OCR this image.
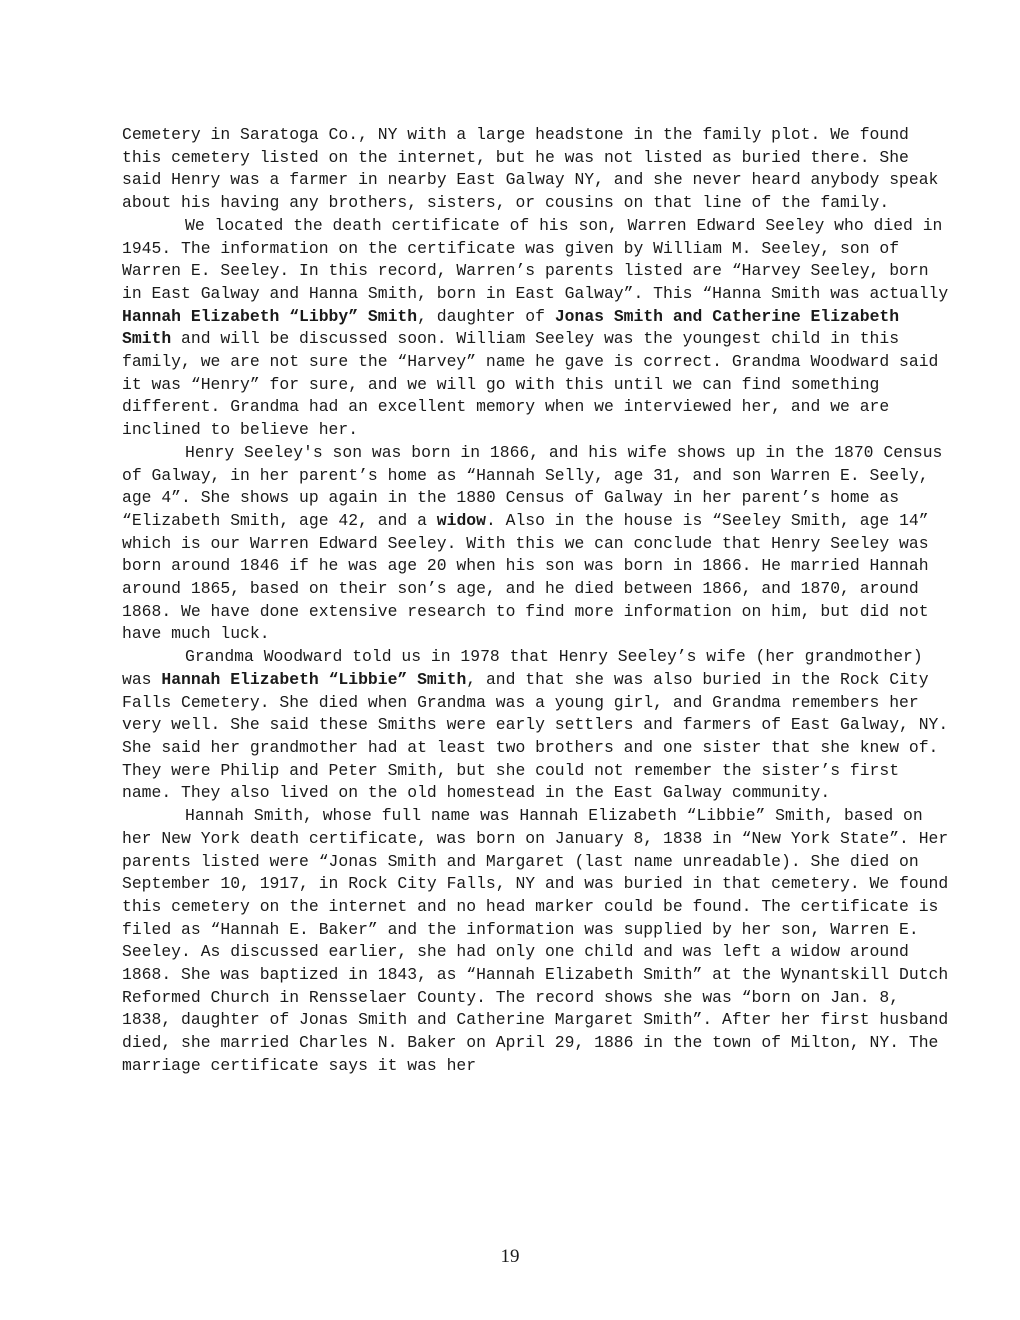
Cemetery in Saratoga Co., NY with a large headstone in the family plot. We found this cemetery listed on the internet, but he was not listed as buried there. She said Henry was a farmer in nearby East Galway NY, and she never heard anybody speak about his having any brothers, sisters, or cousins on that line of the family.

We located the death certificate of his son, Warren Edward Seeley who died in 1945. The information on the certificate was given by William M. Seeley, son of Warren E. Seeley. In this record, Warren’s parents listed are “Harvey Seeley, born in East Galway and Hanna Smith, born in East Galway”. This “Hanna Smith was actually Hannah Elizabeth “Libby” Smith, daughter of Jonas Smith and Catherine Elizabeth Smith and will be discussed soon. William Seeley was the youngest child in this family, we are not sure the “Harvey” name he gave is correct. Grandma Woodward said it was “Henry” for sure, and we will go with this until we can find something different. Grandma had an excellent memory when we interviewed her, and we are inclined to believe her.

Henry Seeley's son was born in 1866, and his wife shows up in the 1870 Census of Galway, in her parent’s home as “Hannah Selly, age 31, and son Warren E. Seely, age 4”. She shows up again in the 1880 Census of Galway in her parent’s home as “Elizabeth Smith, age 42, and a widow. Also in the house is “Seeley Smith, age 14” which is our Warren Edward Seeley. With this we can conclude that Henry Seeley was born around 1846 if he was age 20 when his son was born in 1866. He married Hannah around 1865, based on their son’s age, and he died between 1866, and 1870, around 1868. We have done extensive research to find more information on him, but did not have much luck.

Grandma Woodward told us in 1978 that Henry Seeley’s wife (her grandmother) was Hannah Elizabeth “Libbie” Smith, and that she was also buried in the Rock City Falls Cemetery. She died when Grandma was a young girl, and Grandma remembers her very well. She said these Smiths were early settlers and farmers of East Galway, NY. She said her grandmother had at least two brothers and one sister that she knew of. They were Philip and Peter Smith, but she could not remember the sister’s first name. They also lived on the old homestead in the East Galway community.

Hannah Smith, whose full name was Hannah Elizabeth “Libbie” Smith, based on her New York death certificate, was born on January 8, 1838 in “New York State”. Her parents listed were “Jonas Smith and Margaret (last name unreadable). She died on September 10, 1917, in Rock City Falls, NY and was buried in that cemetery. We found this cemetery on the internet and no head marker could be found. The certificate is filed as “Hannah E. Baker” and the information was supplied by her son, Warren E. Seeley. As discussed earlier, she had only one child and was left a widow around 1868. She was baptized in 1843, as “Hannah Elizabeth Smith” at the Wynantskill Dutch Reformed Church in Rensselaer County. The record shows she was “born on Jan. 8, 1838, daughter of Jonas Smith and Catherine Margaret Smith”. After her first husband died, she married Charles N. Baker on April 29, 1886 in the town of Milton, NY. The marriage certificate says it was her

19
